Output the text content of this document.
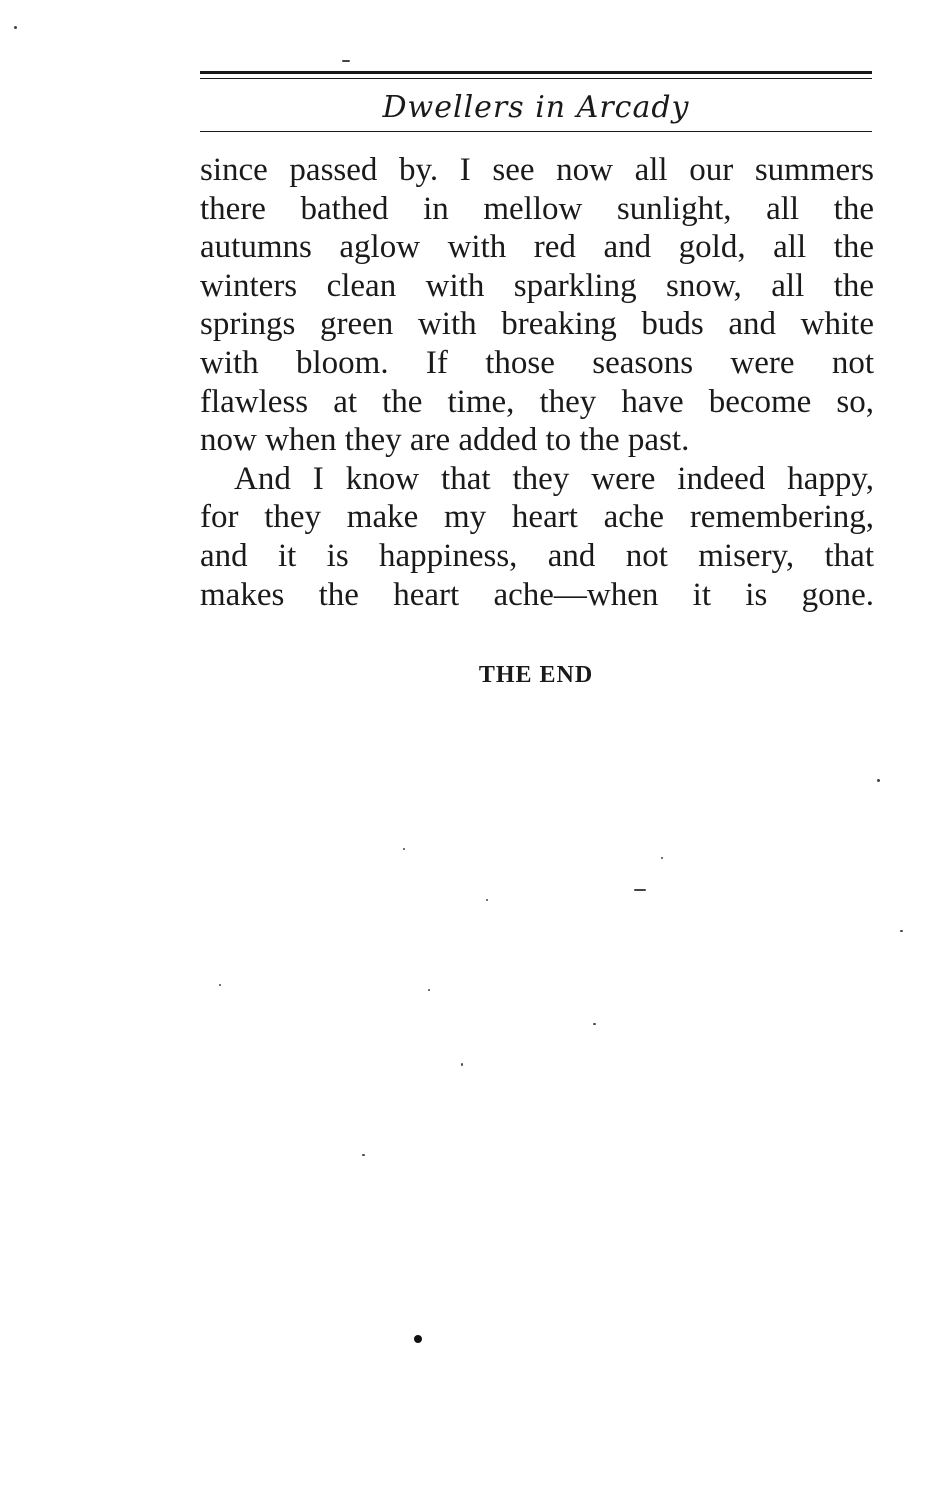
Dwellers in Arcady

since passed by. I see now all our summers

there bathed in mellow sunlight, all the

autumns aglow with red and gold, all the

winters clean with sparkling snow, all the

springs green with breaking buds and white

with bloom. If those seasons were not

flawless at the time, they have become so,

now when they are added to the past.

And I know that they were indeed happy,

for they make my heart ache remembering,

and it is happiness, and not misery, that

makes the heart ache—when it is gone.

THE END
